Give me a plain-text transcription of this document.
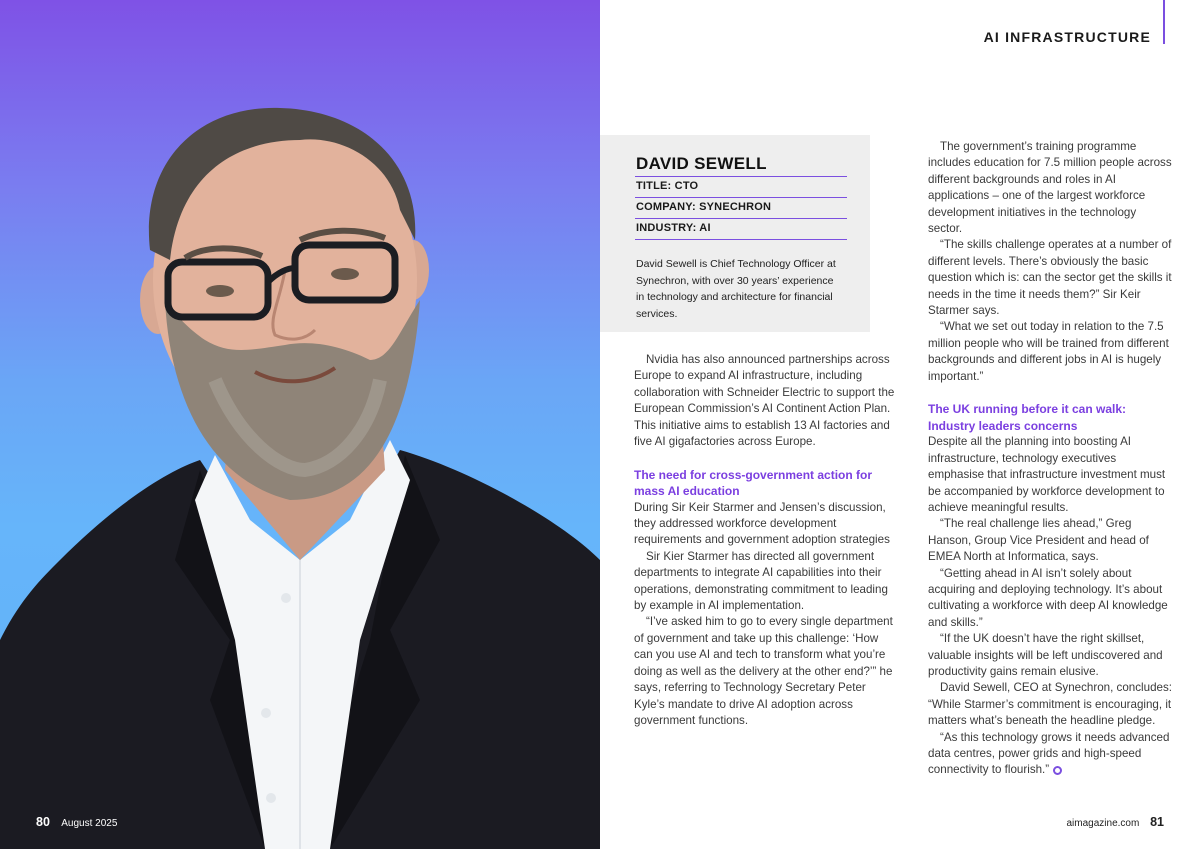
80 August 2025
AI INFRASTRUCTURE
DAVID SEWELL
TITLE: CTO
COMPANY: SYNECHRON
INDUSTRY: AI
David Sewell is Chief Technology Officer at Synechron, with over 30 years’ experience in technology and architecture for financial services.

Nvidia has also announced partnerships across Europe to expand AI infrastructure, including collaboration with Schneider Electric to support the European Commission’s AI Continent Action Plan. This initiative aims to establish 13 AI factories and five AI gigafactories across Europe.

The need for cross-government action for mass AI education

During Sir Keir Starmer and Jensen’s discussion, they addressed workforce development requirements and government adoption strategies

Sir Kier Starmer has directed all government departments to integrate AI capabilities into their operations, demonstrating commitment to leading by example in AI implementation.

“I’ve asked him to go to every single department of government and take up this challenge: ‘How can you use AI and tech to transform what you’re doing as well as the delivery at the other end?’” he says, referring to Technology Secretary Peter Kyle’s mandate to drive AI adoption across government functions.

The government’s training programme includes education for 7.5 million people across different backgrounds and roles in AI applications – one of the largest workforce development initiatives in the technology sector.

“The skills challenge operates at a number of different levels. There’s obviously the basic question which is: can the sector get the skills it needs in the time it needs them?” Sir Keir Starmer says.

“What we set out today in relation to the 7.5 million people who will be trained from different backgrounds and different jobs in AI is hugely important.”

The UK running before it can walk: Industry leaders concerns

Despite all the planning into boosting AI infrastructure, technology executives emphasise that infrastructure investment must be accompanied by workforce development to achieve meaningful results.

“The real challenge lies ahead,” Greg Hanson, Group Vice President and head of EMEA North at Informatica, says.

“Getting ahead in AI isn’t solely about acquiring and deploying technology. It’s about cultivating a workforce with deep AI knowledge and skills.”

“If the UK doesn’t have the right skillset, valuable insights will be left undiscovered and productivity gains remain elusive.

David Sewell, CEO at Synechron, concludes: “While Starmer’s commitment is encouraging, it matters what’s beneath the headline pledge.

“As this technology grows it needs advanced data centres, power grids and high-speed connectivity to flourish.”

aimagazine.com 81
